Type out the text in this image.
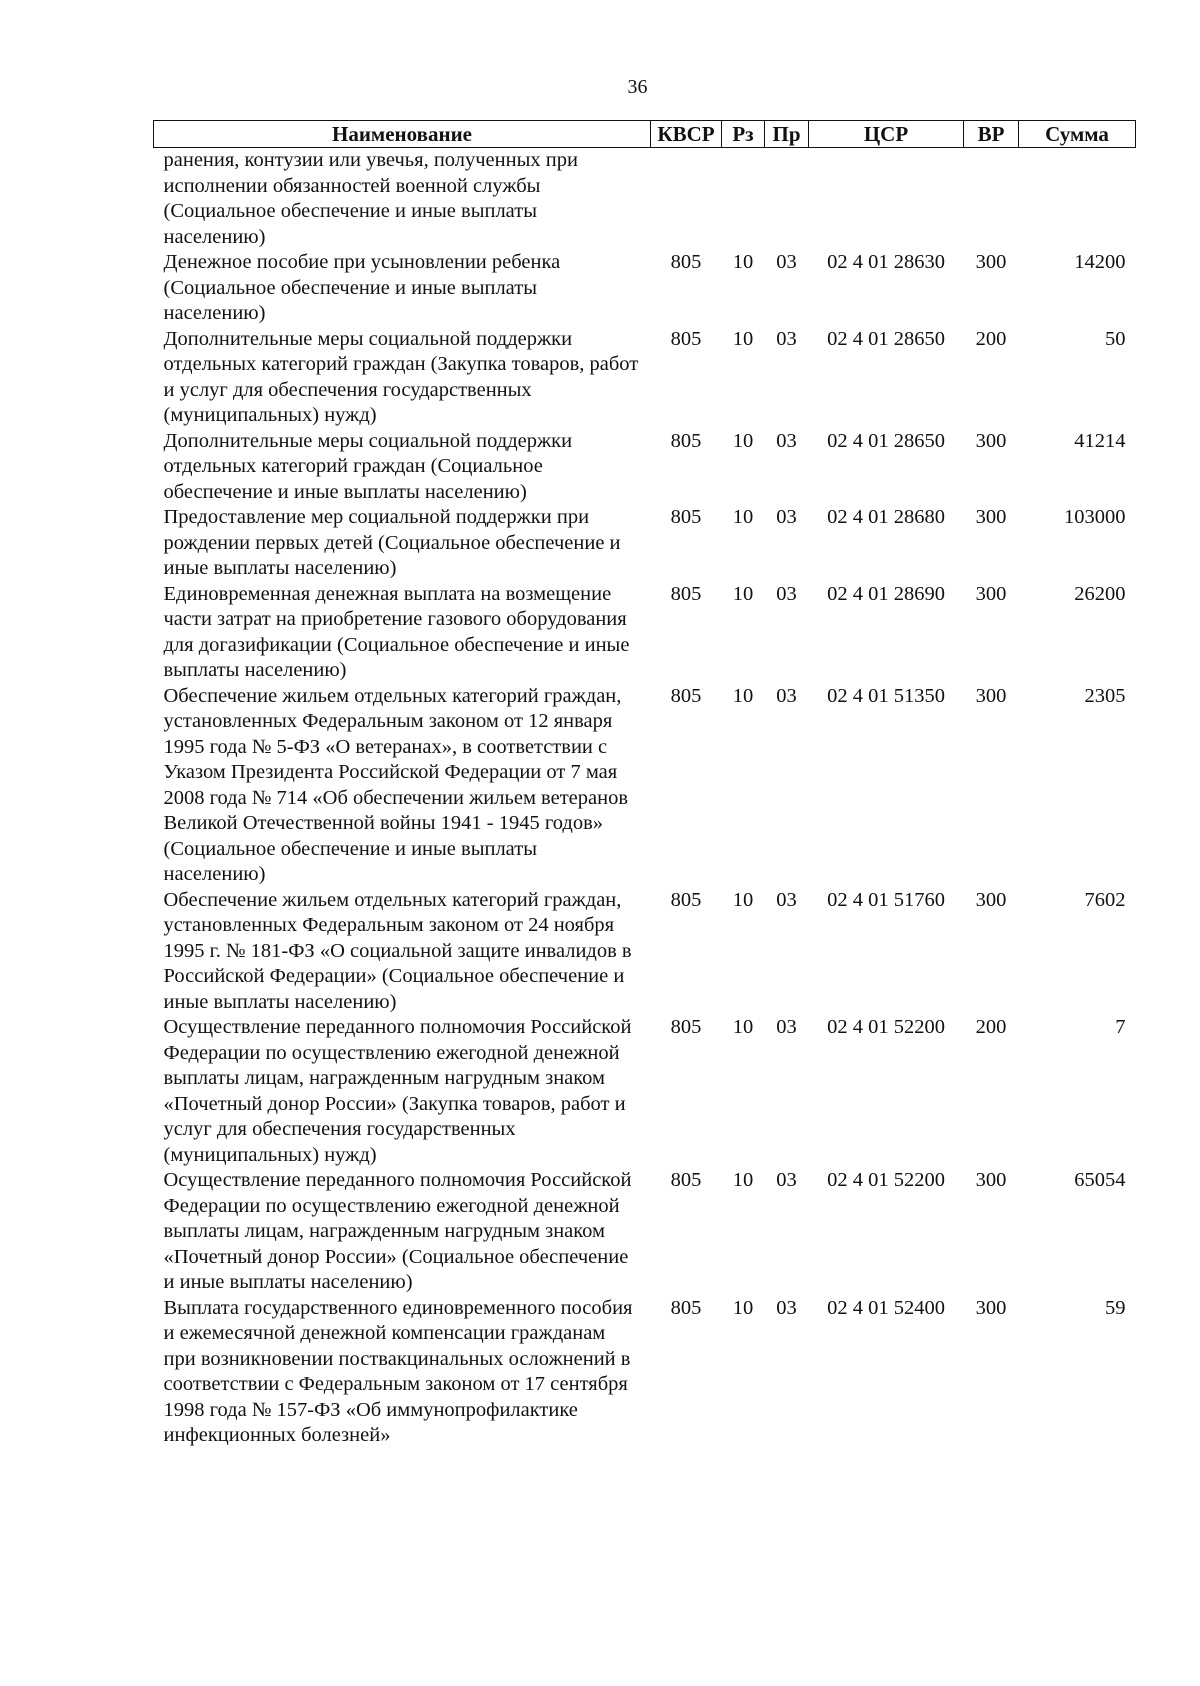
36
Наименование	КВСР	Рз	Пр	ЦСР	ВР	Сумма
ранения, контузии или увечья, полученных при исполнении обязанностей военной службы (Социальное обеспечение и иные выплаты населению)						
Денежное пособие при усыновлении ребенка (Социальное обеспечение и иные выплаты населению)	805	10	03	02 4 01 28630	300	14200
Дополнительные меры социальной поддержки отдельных категорий граждан (Закупка товаров, работ и услуг для обеспечения государственных (муниципальных) нужд)	805	10	03	02 4 01 28650	200	50
Дополнительные меры социальной поддержки отдельных категорий граждан (Социальное обеспечение и иные выплаты населению)	805	10	03	02 4 01 28650	300	41214
Предоставление мер социальной поддержки при рождении первых детей (Социальное обеспечение и иные выплаты населению)	805	10	03	02 4 01 28680	300	103000
Единовременная денежная выплата на возмещение части затрат на приобретение газового оборудования для догазификации (Социальное обеспечение и иные выплаты населению)	805	10	03	02 4 01 28690	300	26200
Обеспечение жильем отдельных категорий граждан, установленных Федеральным законом от 12 января 1995 года № 5-ФЗ «О ветеранах», в соответствии с Указом Президента Российской Федерации от 7 мая 2008 года № 714 «Об обеспечении жильем ветеранов Великой Отечественной войны 1941 - 1945 годов» (Социальное обеспечение и иные выплаты населению)	805	10	03	02 4 01 51350	300	2305
Обеспечение жильем отдельных категорий граждан, установленных Федеральным законом от 24 ноября 1995 г. № 181-ФЗ «О социальной защите инвалидов в Российской Федерации» (Социальное обеспечение и иные выплаты населению)	805	10	03	02 4 01 51760	300	7602
Осуществление переданного полномочия Российской Федерации по осуществлению ежегодной денежной выплаты лицам, награжденным нагрудным знаком «Почетный донор России» (Закупка товаров, работ и услуг для обеспечения государственных (муниципальных) нужд)	805	10	03	02 4 01 52200	200	7
Осуществление переданного полномочия Российской Федерации по осуществлению ежегодной денежной выплаты лицам, награжденным нагрудным знаком «Почетный донор России» (Социальное обеспечение и иные выплаты населению)	805	10	03	02 4 01 52200	300	65054
Выплата государственного единовременного пособия и ежемесячной денежной компенсации гражданам при возникновении поствакцинальных осложнений в соответствии с Федеральным законом от 17 сентября 1998 года № 157-ФЗ «Об иммунопрофилактике инфекционных болезней»	805	10	03	02 4 01 52400	300	59
